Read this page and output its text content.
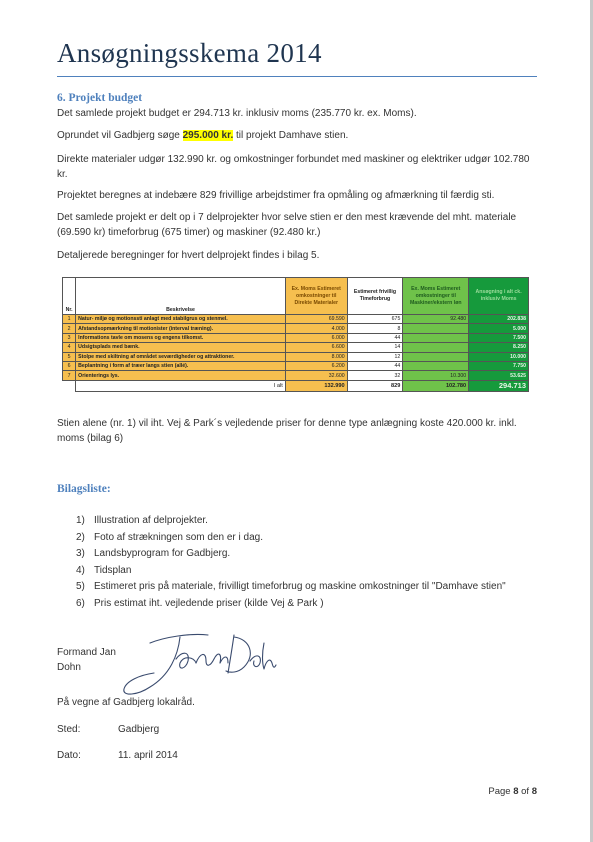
Ansøgningsskema 2014
6. Projekt budget
Det samlede projekt budget er 294.713 kr. inklusiv moms (235.770 kr. ex. Moms).
Oprundet vil Gadbjerg søge 295.000 kr. til projekt Damhave stien.
Direkte materialer udgør 132.990 kr. og omkostninger forbundet med maskiner og elektriker udgør 102.780 kr.
Projektet beregnes at indebære 829 frivillige arbejdstimer fra opmåling og afmærkning til færdig sti.
Det samlede projekt er delt op i 7 delprojekter hvor selve stien er den mest krævende del mht. materiale (69.590 kr) timeforbrug (675 timer) og maskiner (92.480 kr.)
Detaljerede beregninger for hvert delprojekt findes i bilag 5.
Nr.	Beskrivelse	Ex. Moms Estimeret omkostninger til Direkte Materialer	Estimeret frivillig Timeforbrug	Ex. Moms Estimeret omkostninger til Maskiner/ekstern løn	Ansøgning i alt ck. inklusiv Moms
1	Natur- miljø og motionssti anlagt med stabilgrus og stenmel.	69.590	675	92.480	202.838
2	Afstandsopmærkning til motionister (interval træning).	4.000	8		5.000
3	Informations tavle om mosens og engens tilkomst.	6.000	44		7.500
4	Udsigtsplads med bænk.	6.600	14		8.250
5	Stolpe med skiltning af området seværdigheder og attraktioner.	8.000	12		10.000
6	Beplantning i form af træer langs stien (allé).	6.200	44		7.750
7	Orienterings lys.	32.600	32	10.300	53.625
	I alt	132.990	829	102.780	294.713
Stien alene (nr. 1) vil iht. Vej & Park´s vejledende priser for denne type anlægning koste 420.000 kr. inkl. moms (bilag 6)
Bilagsliste:
1) Illustration af delprojekter.
2) Foto af strækningen som den er i dag.
3) Landsbyprogram for Gadbjerg.
4) Tidsplan
5) Estimeret pris på materiale, frivilligt timeforbrug og maskine omkostninger til "Damhave stien"
6) Pris estimat iht. vejledende priser (kilde Vej & Park )
Formand Jan Dohn
På vegne af Gadbjerg lokalråd.
Sted:	Gadbjerg
Dato:	11. april 2014
Page 8 of 8
